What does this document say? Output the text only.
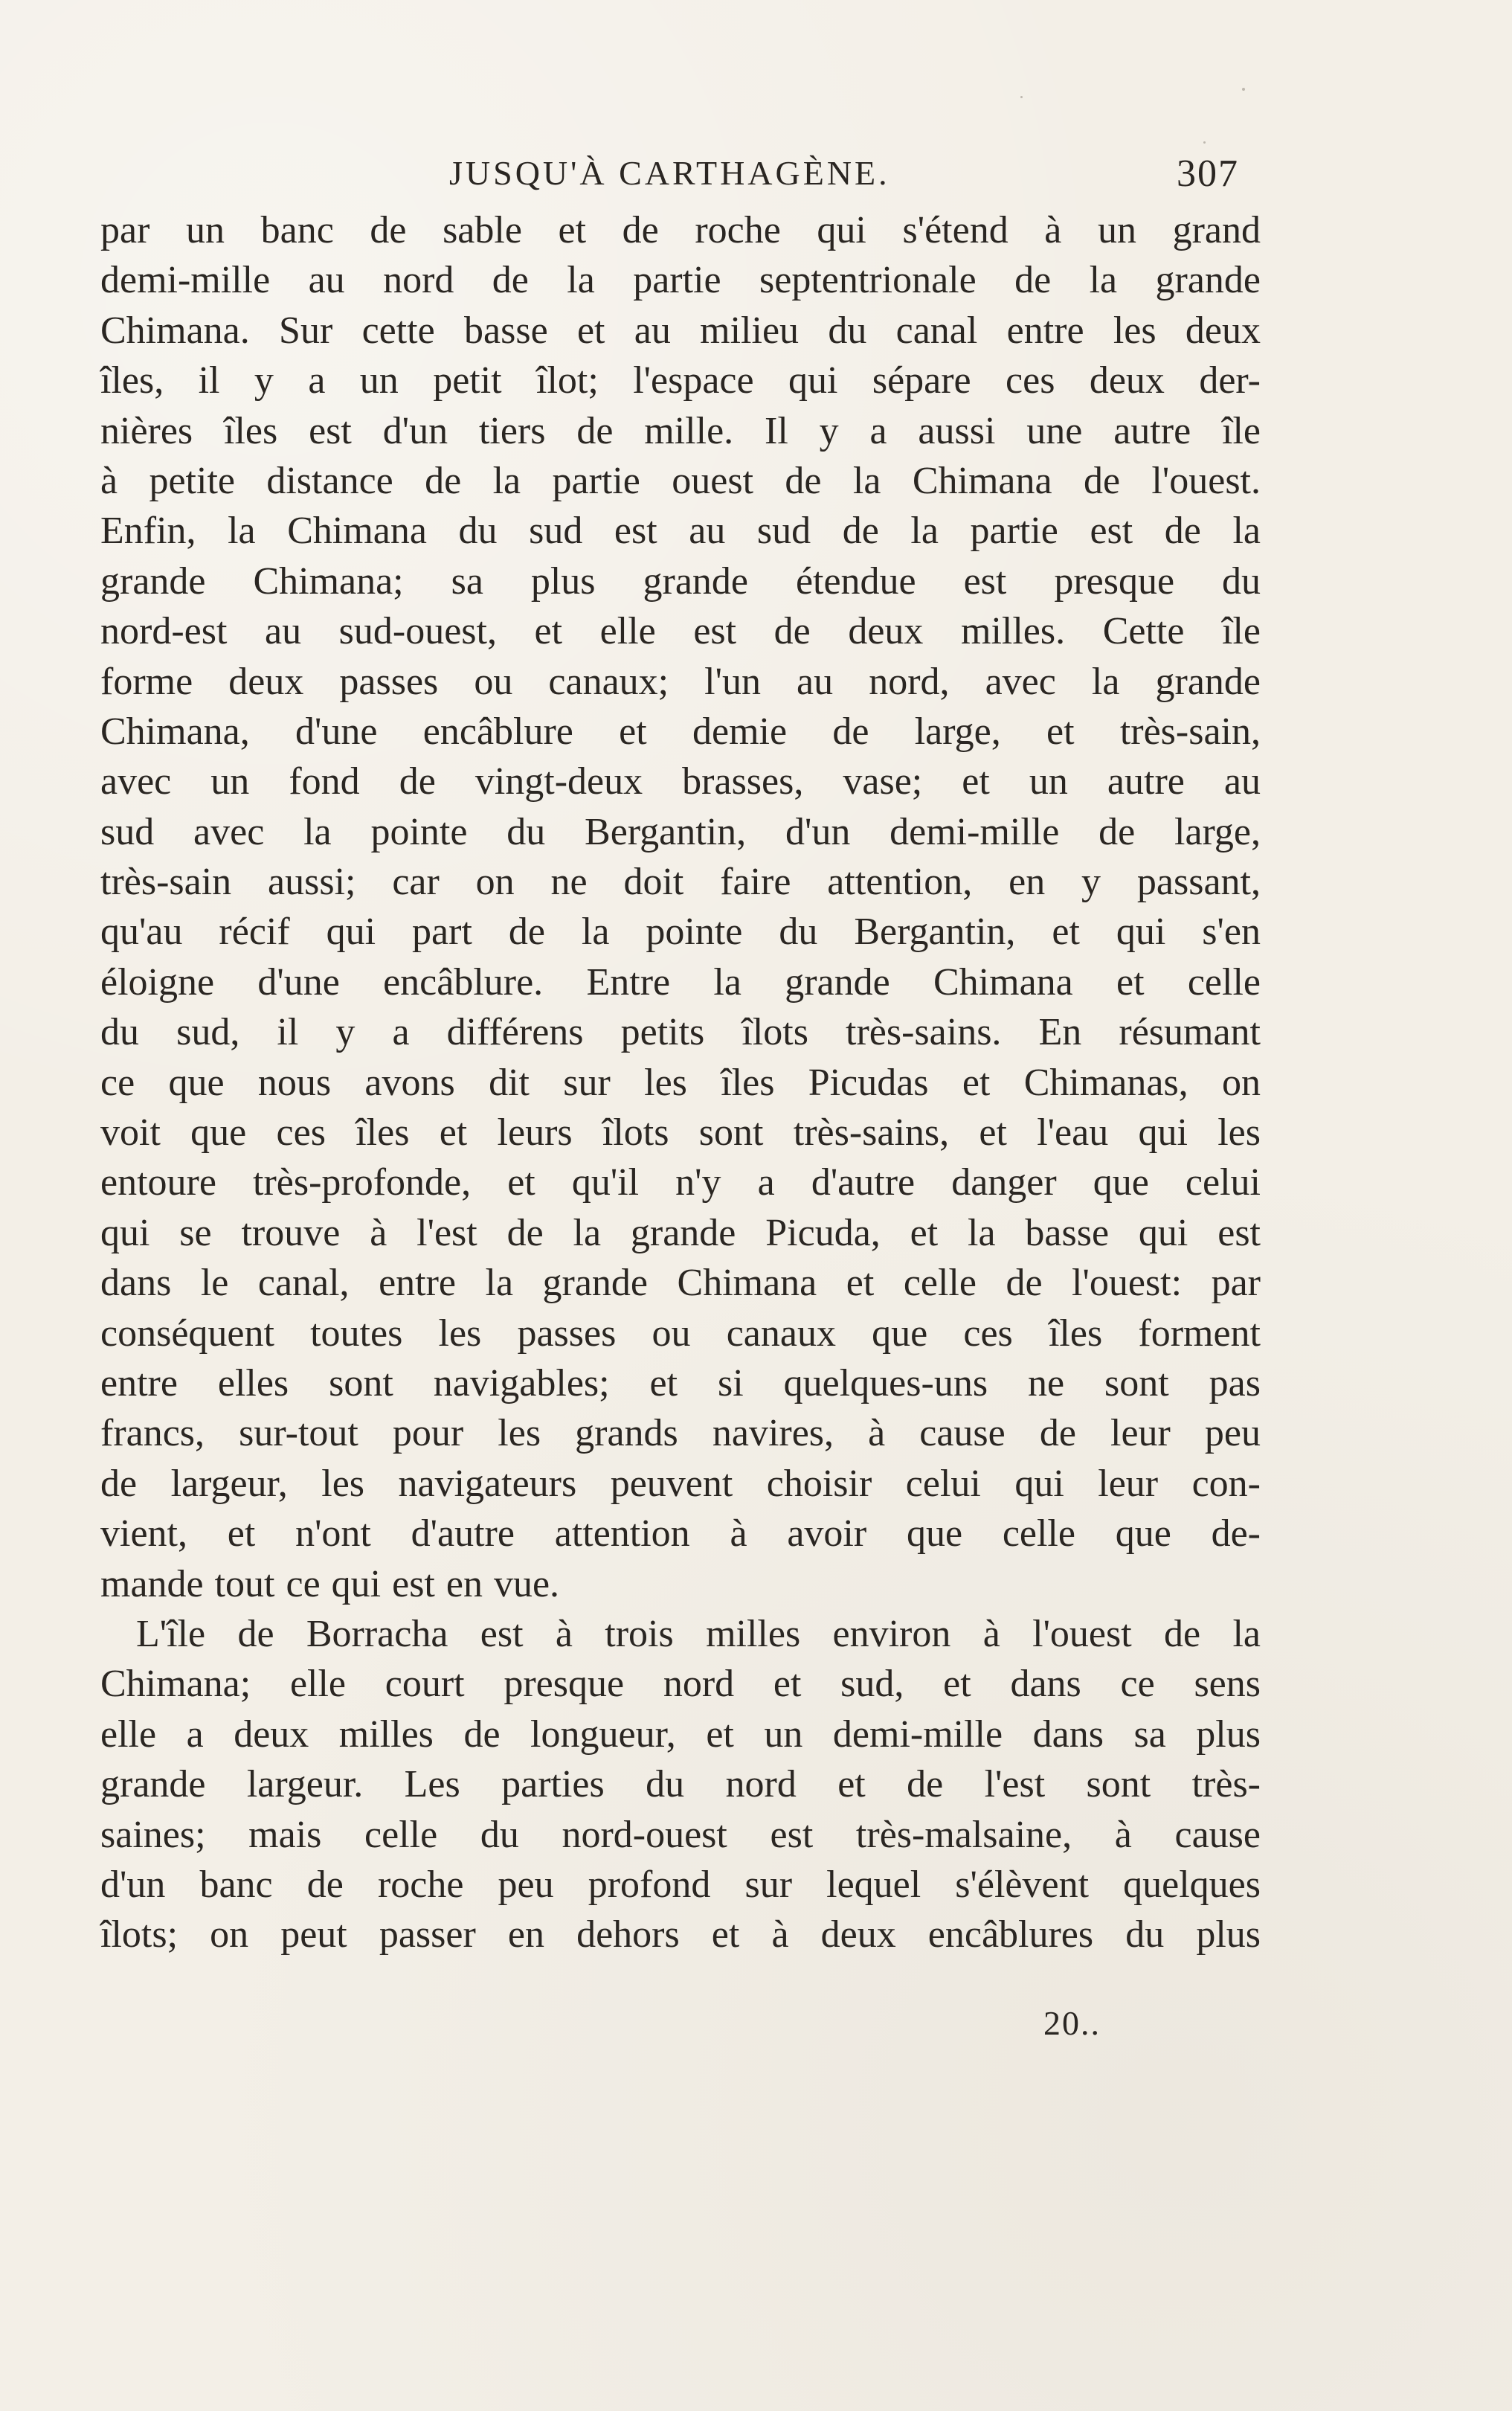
JUSQU'À CARTHAGÈNE.	307
par un banc de sable et de roche qui s'étend à un grand
demi-mille au nord de la partie septentrionale de la grande
Chimana. Sur cette basse et au milieu du canal entre les deux
îles, il y a un petit îlot; l'espace qui sépare ces deux der-
nières îles est d'un tiers de mille. Il y a aussi une autre île
à petite distance de la partie ouest de la Chimana de l'ouest.
Enfin, la Chimana du sud est au sud de la partie est de la
grande Chimana; sa plus grande étendue est presque du
nord-est au sud-ouest, et elle est de deux milles. Cette île
forme deux passes ou canaux; l'un au nord, avec la grande
Chimana, d'une encâblure et demie de large, et très-sain,
avec un fond de vingt-deux brasses, vase; et un autre au
sud avec la pointe du Bergantin, d'un demi-mille de large,
très-sain aussi; car on ne doit faire attention, en y passant,
qu'au récif qui part de la pointe du Bergantin, et qui s'en
éloigne d'une encâblure. Entre la grande Chimana et celle
du sud, il y a différens petits îlots très-sains. En résumant
ce que nous avons dit sur les îles Picudas et Chimanas, on
voit que ces îles et leurs îlots sont très-sains, et l'eau qui les
entoure très-profonde, et qu'il n'y a d'autre danger que celui
qui se trouve à l'est de la grande Picuda, et la basse qui est
dans le canal, entre la grande Chimana et celle de l'ouest: par
conséquent toutes les passes ou canaux que ces îles forment
entre elles sont navigables; et si quelques-uns ne sont pas
francs, sur-tout pour les grands navires, à cause de leur peu
de largeur, les navigateurs peuvent choisir celui qui leur con-
vient, et n'ont d'autre attention à avoir que celle que de-
mande tout ce qui est en vue.
L'île de Borracha est à trois milles environ à l'ouest de la
Chimana; elle court presque nord et sud, et dans ce sens
elle a deux milles de longueur, et un demi-mille dans sa plus
grande largeur. Les parties du nord et de l'est sont très-
saines; mais celle du nord-ouest est très-malsaine, à cause
d'un banc de roche peu profond sur lequel s'élèvent quelques
îlots; on peut passer en dehors et à deux encâblures du plus
20..
